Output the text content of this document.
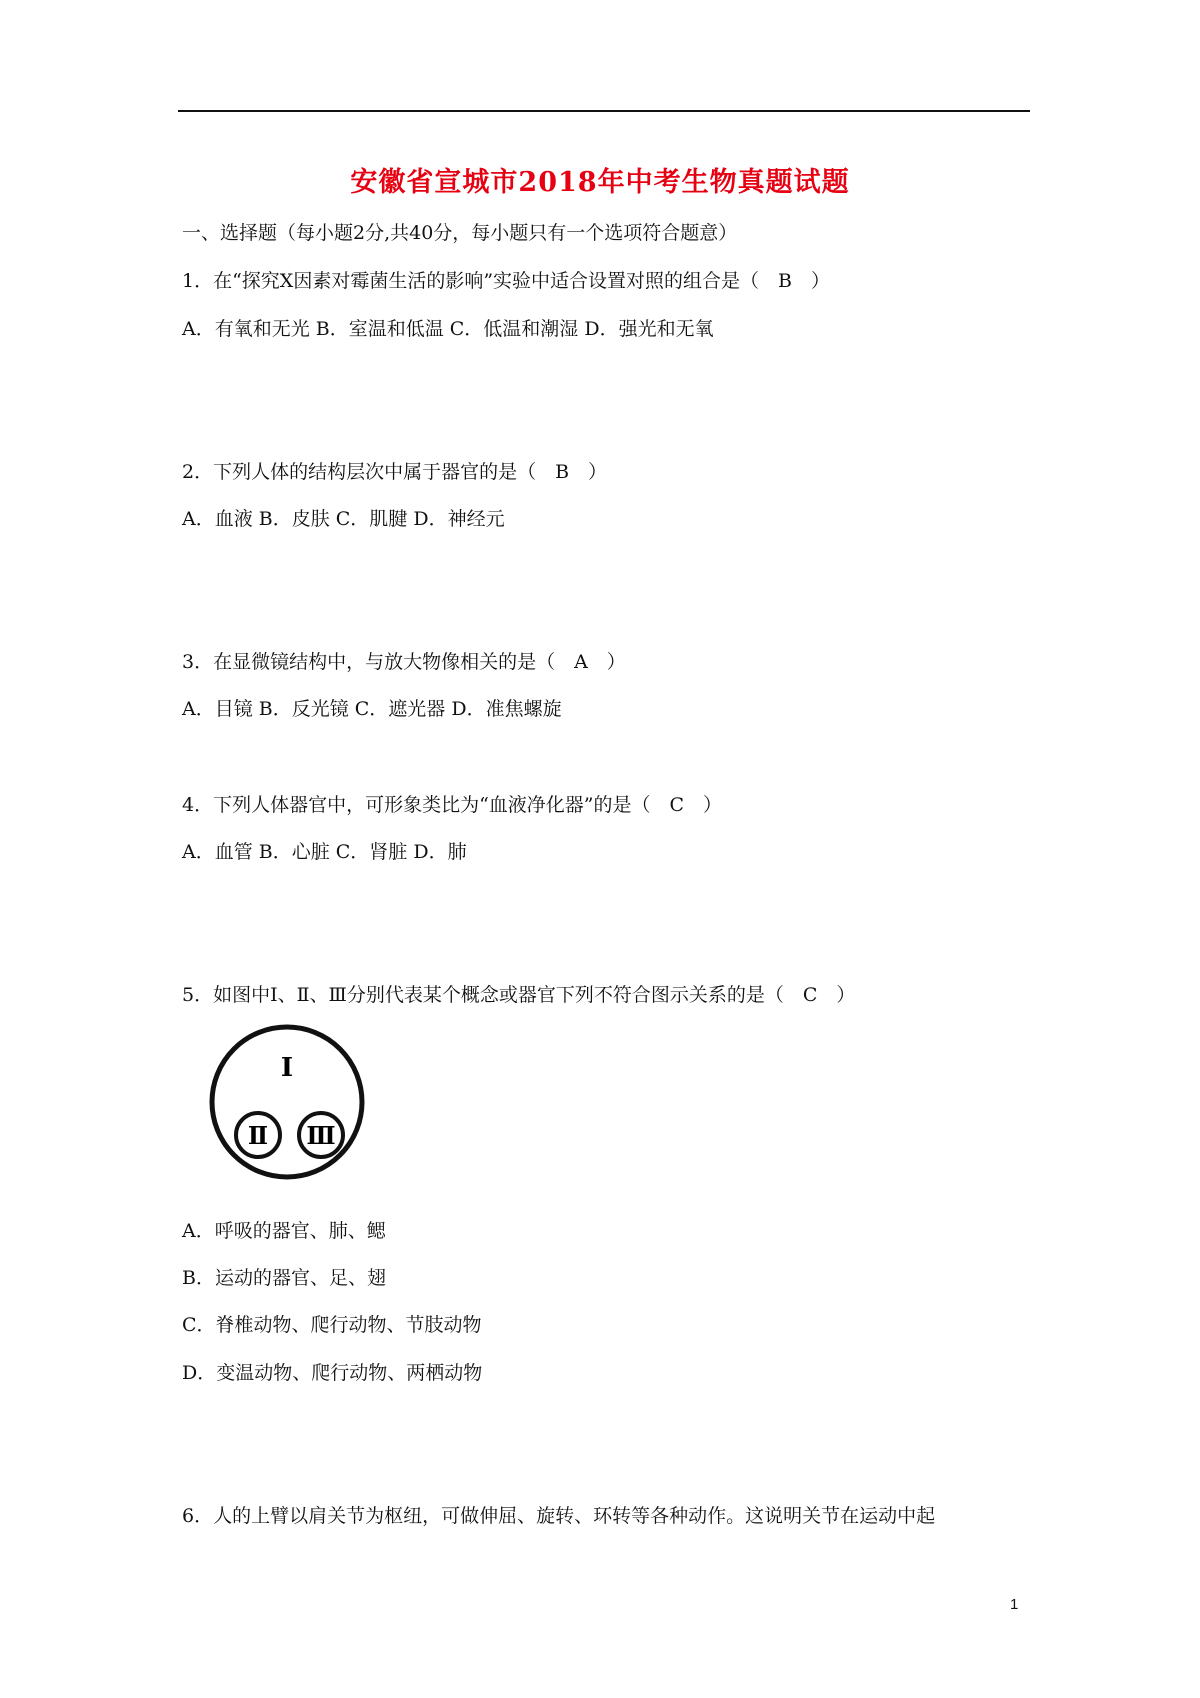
安徽省宣城市2018年中考生物真题试题
一、选择题（每小题2分,共40分，每小题只有一个选项符合题意）
1．在“探究X因素对霉菌生活的影响”实验中适合设置对照的组合是（　B　）
A．有氧和无光 B．室温和低温 C．低温和潮湿 D．强光和无氧
2．下列人体的结构层次中属于器官的是（　B　）
A．血液 B．皮肤 C．肌腱 D．神经元
3．在显微镜结构中，与放大物像相关的是（　A　）
A．目镜 B．反光镜 C．遮光器 D．准焦螺旋
4．下列人体器官中，可形象类比为“血液净化器”的是（　C　）
A．血管 B．心脏 C．肾脏 D．肺
5．如图中Ⅰ、Ⅱ、Ⅲ分别代表某个概念或器官下列不符合图示关系的是（　C　）
I
Ⅱ Ⅲ
A．呼吸的器官、肺、鳃
B．运动的器官、足、翅
C．脊椎动物、爬行动物、节肢动物
D．变温动物、爬行动物、两栖动物
6．人的上臂以肩关节为枢纽，可做伸屈、旋转、环转等各种动作。这说明关节在运动中起
1
